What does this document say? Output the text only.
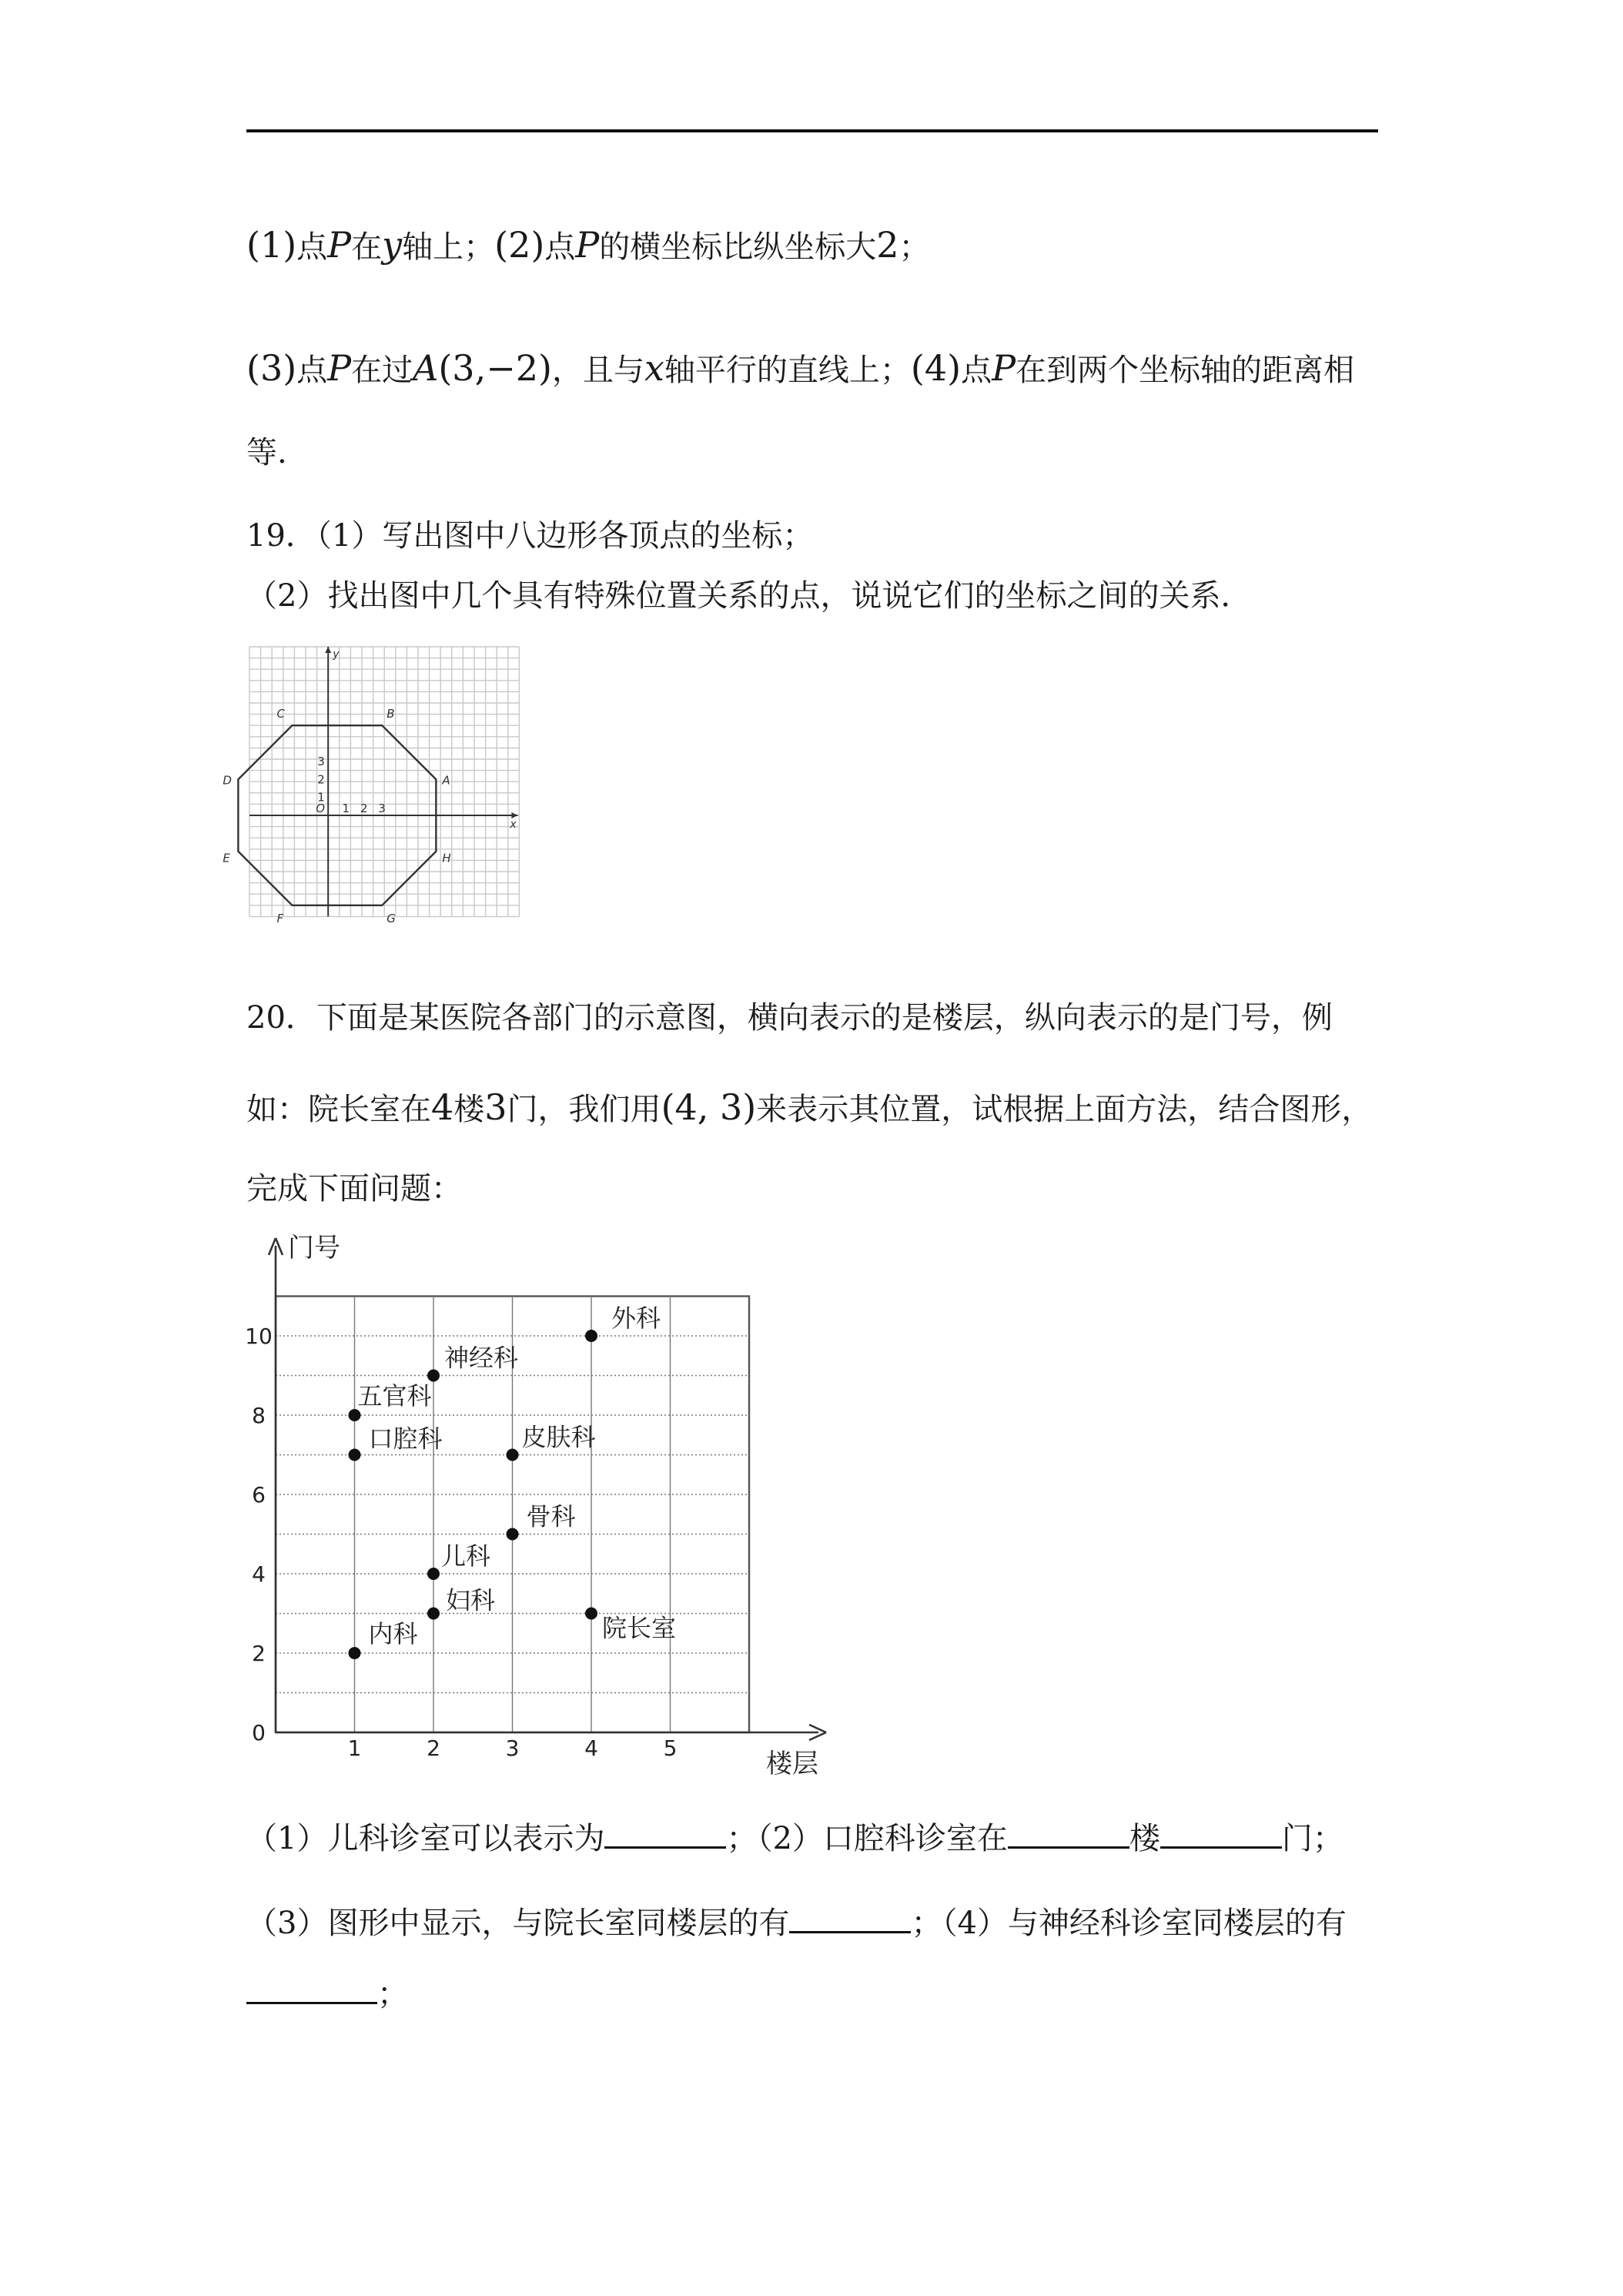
(1)点P在y轴上；(2)点P的横坐标比纵坐标大2；
(3)点P在过A(3,−2)，且与x轴平行的直线上；(4)点P在到两个坐标轴的距离相
等.
19．（1）写出图中八边形各顶点的坐标；
（2）找出图中几个具有特殊位置关系的点，说说它们的坐标之间的关系．
A
B
C
D
E
F	G
H
1 2 3
1
2
3
O
x
y
20．下面是某医院各部门的示意图，横向表示的是楼层，纵向表示的是门号，例
如：院长室在4楼3门，我们用(4, 3)来表示其位置，试根据上面方法，结合图形，
完成下面问题：
门号
楼层
1	2	3	4	5
0
2
4
6
8
10
外科
神经科
五官科
口腔科	皮肤科
骨科
儿科
妇科
院长室
内科
（1）儿科诊室可以表示为	；（2）口腔科诊室在	楼	门；
（3）图形中显示，与院长室同楼层的有	；（4）与神经科诊室同楼层的有
；
